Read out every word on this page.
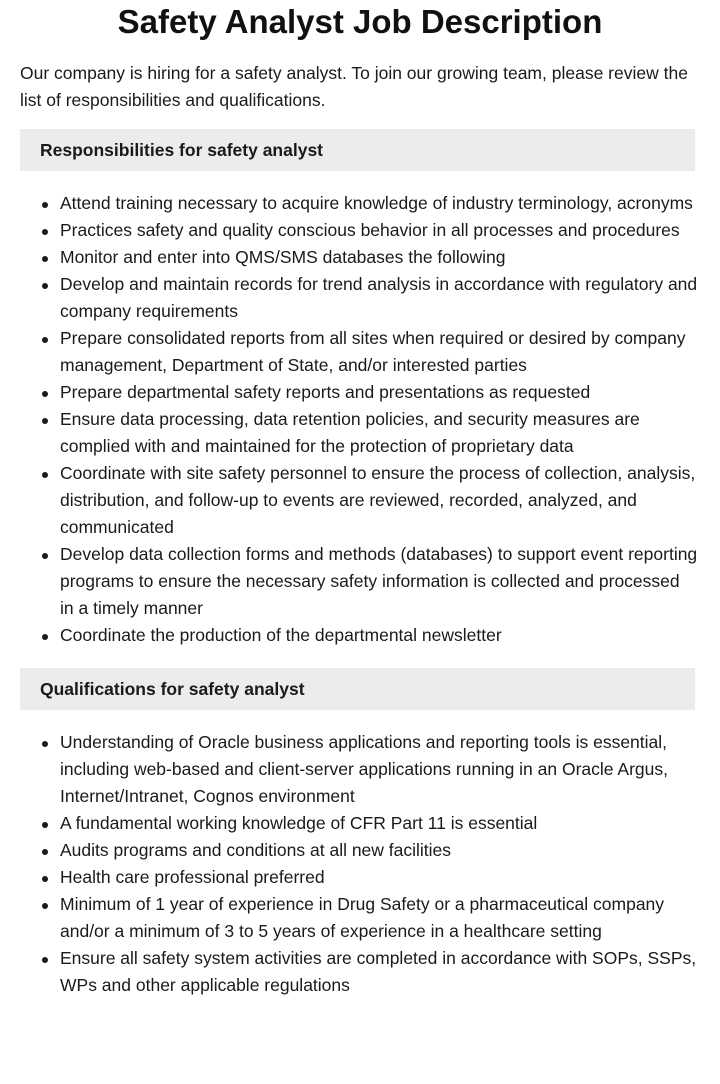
Safety Analyst Job Description

Our company is hiring for a safety analyst. To join our growing team, please review the list of responsibilities and qualifications.

Responsibilities for safety analyst
Attend training necessary to acquire knowledge of industry terminology, acronyms
Practices safety and quality conscious behavior in all processes and procedures
Monitor and enter into QMS/SMS databases the following
Develop and maintain records for trend analysis in accordance with regulatory and company requirements
Prepare consolidated reports from all sites when required or desired by company management, Department of State, and/or interested parties
Prepare departmental safety reports and presentations as requested
Ensure data processing, data retention policies, and security measures are complied with and maintained for the protection of proprietary data
Coordinate with site safety personnel to ensure the process of collection, analysis, distribution, and follow-up to events are reviewed, recorded, analyzed, and communicated
Develop data collection forms and methods (databases) to support event reporting programs to ensure the necessary safety information is collected and processed in a timely manner
Coordinate the production of the departmental newsletter
Qualifications for safety analyst
Understanding of Oracle business applications and reporting tools is essential, including web-based and client-server applications running in an Oracle Argus, Internet/Intranet, Cognos environment
A fundamental working knowledge of CFR Part 11 is essential
Audits programs and conditions at all new facilities
Health care professional preferred
Minimum of 1 year of experience in Drug Safety or a pharmaceutical company and/or a minimum of 3 to 5 years of experience in a healthcare setting
Ensure all safety system activities are completed in accordance with SOPs, SSPs, WPs and other applicable regulations
